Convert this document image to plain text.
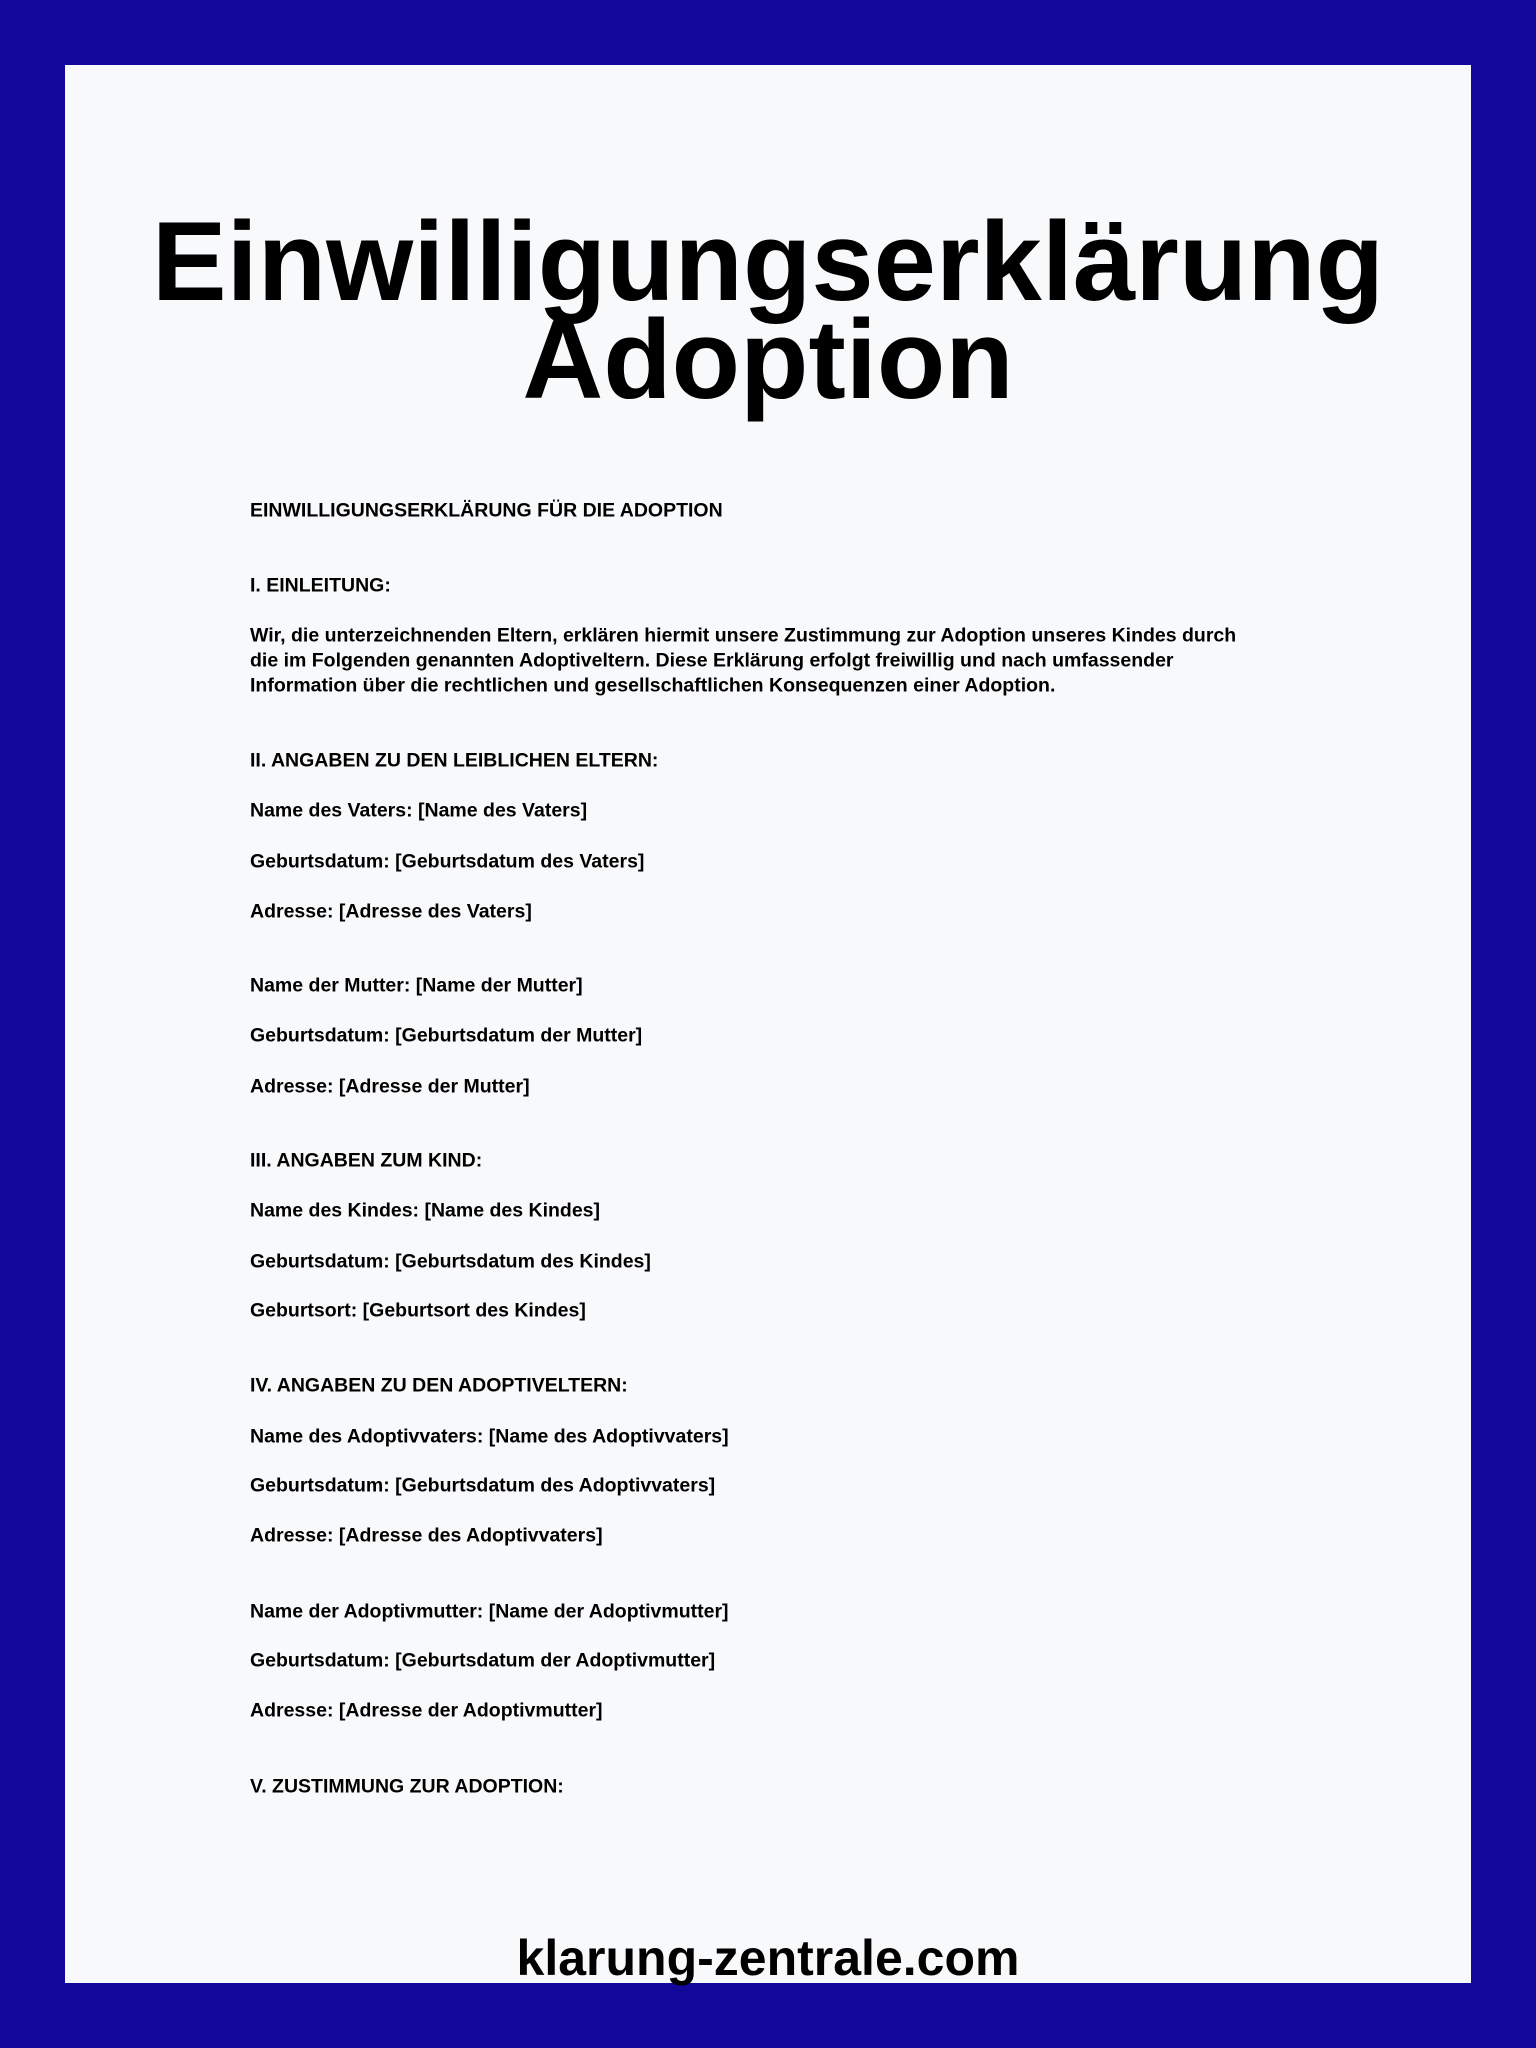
Einwilligungserklärung
Adoption
EINWILLIGUNGSERKLÄRUNG FÜR DIE ADOPTION
I. EINLEITUNG:
Wir, die unterzeichnenden Eltern, erklären hiermit unsere Zustimmung zur Adoption unseres Kindes durch
die im Folgenden genannten Adoptiveltern. Diese Erklärung erfolgt freiwillig und nach umfassender
Information über die rechtlichen und gesellschaftlichen Konsequenzen einer Adoption.
II. ANGABEN ZU DEN LEIBLICHEN ELTERN:
Name des Vaters: [Name des Vaters]
Geburtsdatum: [Geburtsdatum des Vaters]
Adresse: [Adresse des Vaters]
Name der Mutter: [Name der Mutter]
Geburtsdatum: [Geburtsdatum der Mutter]
Adresse: [Adresse der Mutter]
III. ANGABEN ZUM KIND:
Name des Kindes: [Name des Kindes]
Geburtsdatum: [Geburtsdatum des Kindes]
Geburtsort: [Geburtsort des Kindes]
IV. ANGABEN ZU DEN ADOPTIVELTERN:
Name des Adoptivvaters: [Name des Adoptivvaters]
Geburtsdatum: [Geburtsdatum des Adoptivvaters]
Adresse: [Adresse des Adoptivvaters]
Name der Adoptivmutter: [Name der Adoptivmutter]
Geburtsdatum: [Geburtsdatum der Adoptivmutter]
Adresse: [Adresse der Adoptivmutter]
V. ZUSTIMMUNG ZUR ADOPTION:
klarung-zentrale.com
